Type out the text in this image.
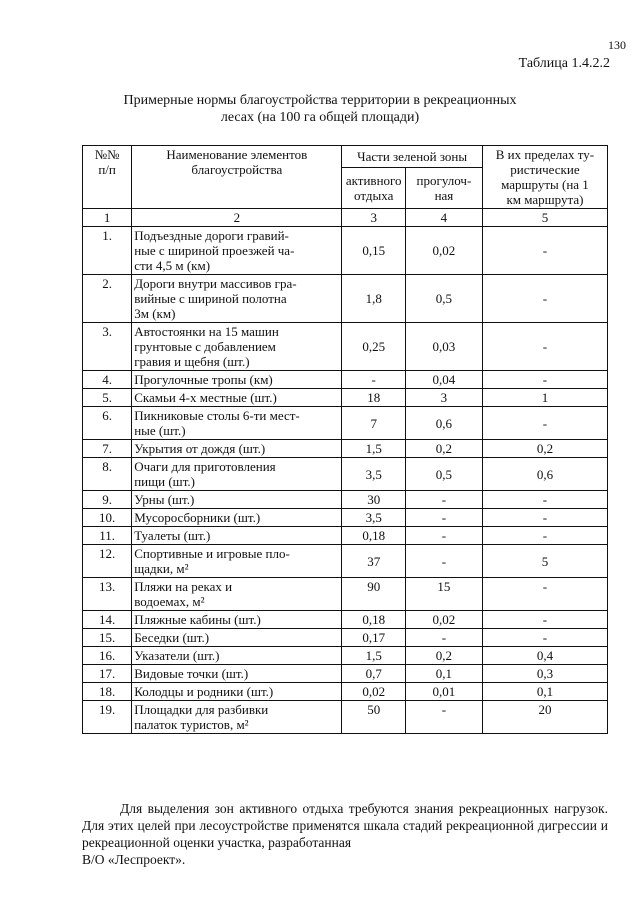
130
Таблица 1.4.2.2
Примерные нормы благоустройства территории в рекреационных
лесах (на 100 га общей площади)
№№
п/п	Наименование элементов
благоустройства	Части зеленой зоны		В их пределах ту-
ристические
маршруты (на 1
км маршрута)
		активного
отдыха	прогулоч-
ная	
1	2	3	4	5
1.	Подъездные дороги гравий-
ные с шириной проезжей ча-
сти 4,5 м (км)	0,15	0,02	-
2.	Дороги внутри массивов гра-
вийные с шириной полотна
3м (км)	1,8	0,5	-
3.	Автостоянки на 15 машин
грунтовые с добавлением
гравия и щебня (шт.)	0,25	0,03	-
4.	Прогулочные тропы (км)	-	0,04	-
5.	Скамьи 4-х местные (шт.)	18	3	1
6.	Пикниковые столы 6-ти мест-
ные (шт.)	7	0,6	-
7.	Укрытия от дождя (шт.)	1,5	0,2	0,2
8.	Очаги для приготовления
пищи (шт.)	3,5	0,5	0,6
9.	Урны (шт.)	30	-	-
10.	Мусоросборники (шт.)	3,5	-	-
11.	Туалеты (шт.)	0,18	-	-
12.	Спортивные и игровые пло-
щадки, м²	37	-	5
13.	Пляжи на реках и
водоемах, м²	90	15	-
14.	Пляжные кабины (шт.)	0,18	0,02	-
15.	Беседки (шт.)	0,17	-	-
16.	Указатели (шт.)	1,5	0,2	0,4
17.	Видовые точки (шт.)	0,7	0,1	0,3
18.	Колодцы и родники (шт.)	0,02	0,01	0,1
19.	Площадки для разбивки
палаток туристов, м²	50	-	20

Для выделения зон активного отдыха требуются знания рекреационных нагрузок. Для этих целей при лесоустройстве применятся шкала стадий рекреационной дигрессии и рекреационной оценки участка, разработанная

В/О «Леспроект».
